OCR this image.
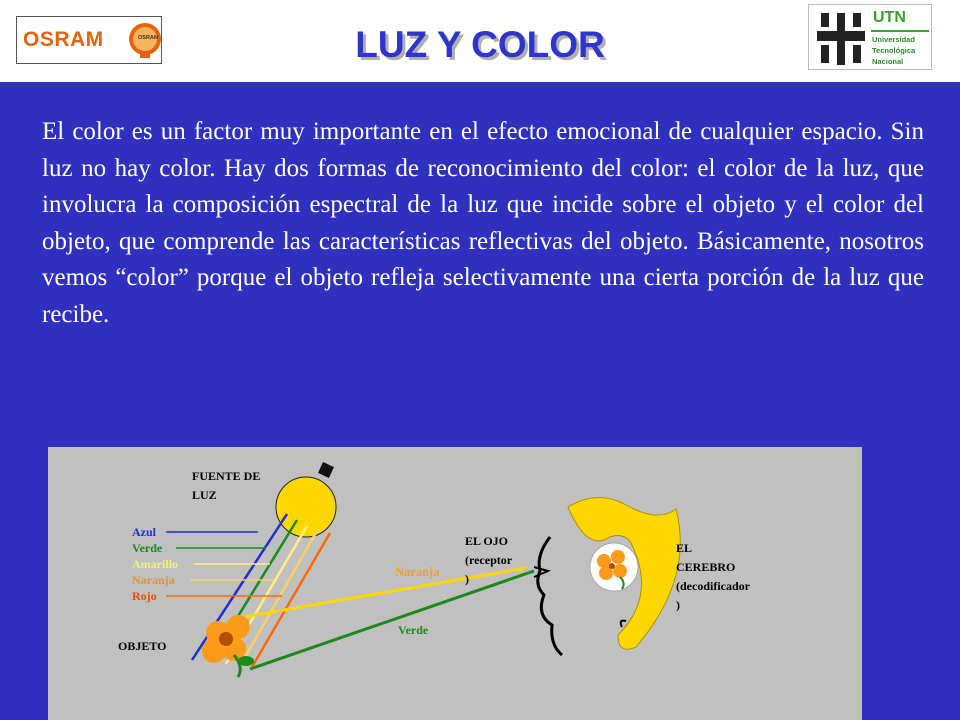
OSRAM	OSRAM	LUZ Y COLOR
UTN
Universidad
Tecnológica
Nacional

El color es un factor muy importante en el efecto emocional de cualquier espacio. Sin luz no hay color. Hay dos formas de reconocimiento del color: el color de la luz, que involucra la composición espectral de la luz que incide sobre el objeto y el color del objeto, que comprende las características reflectivas del objeto. Básicamente, nosotros vemos “color” porque el objeto refleja selectivamente una cierta porción de la luz que recibe.

FUENTE DE
LUZ
Azul
Verde
Amarillo
Naranja
Rojo
OBJETO
EL OJO
(receptor
)
Naranja
Verde
EL
CEREBRO
(decodificador
)
